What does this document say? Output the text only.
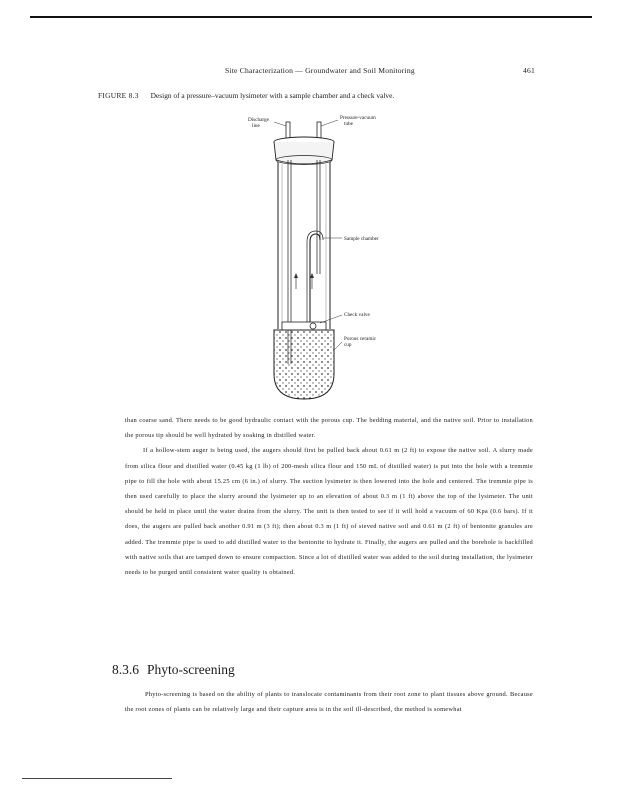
Site Characterization — Groundwater and Soil Monitoring	461
FIGURE 8.3 Design of a pressure–vacuum lysimeter with a sample chamber and a check valve.
Discharge
line
Pressure-vacuum
tube
Sample chamber
Check valve
Porous ceramic
cup

than coarse sand. There needs to be good hydraulic contact with the porous cup. The bedding material, and the native soil. Prior to installation the porous tip should be well hydrated by soaking in distilled water.

If a hollow-stem auger is being used, the augers should first be pulled back about 0.61 m (2 ft) to expose the native soil. A slurry made from silica flour and distilled water (0.45 kg (1 lb) of 200-mesh silica flour and 150 mL of distilled water) is put into the hole with a tremmie pipe to fill the hole with about 15.25 cm (6 in.) of slurry. The suction lysimeter is then lowered into the hole and centered. The tremmie pipe is then used carefully to place the slurry around the lysimeter up to an elevation of about 0.3 m (1 ft) above the top of the lysimeter. The unit should be held in place until the water drains from the slurry. The unit is then tested to see if it will hold a vacuum of 60 Kpa (0.6 bars). If it does, the augers are pulled back another 0.91 m (3 ft); then about 0.3 m (1 ft) of sieved native soil and 0.61 m (2 ft) of bentonite granules are added. The tremmie pipe is used to add distilled water to the bentonite to hydrate it. Finally, the augers are pulled and the borehole is backfilled with native soils that are tamped down to ensure compaction. Since a lot of distilled water was added to the soil during installation, the lysimeter needs to be purged until consistent water quality is obtained.

8.3.6 Phyto-screening

Phyto-screening is based on the ability of plants to translocate contaminants from their root zone to plant tissues above ground. Because the root zones of plants can be relatively large and their capture area is in the soil ill-described, the method is somewhat
